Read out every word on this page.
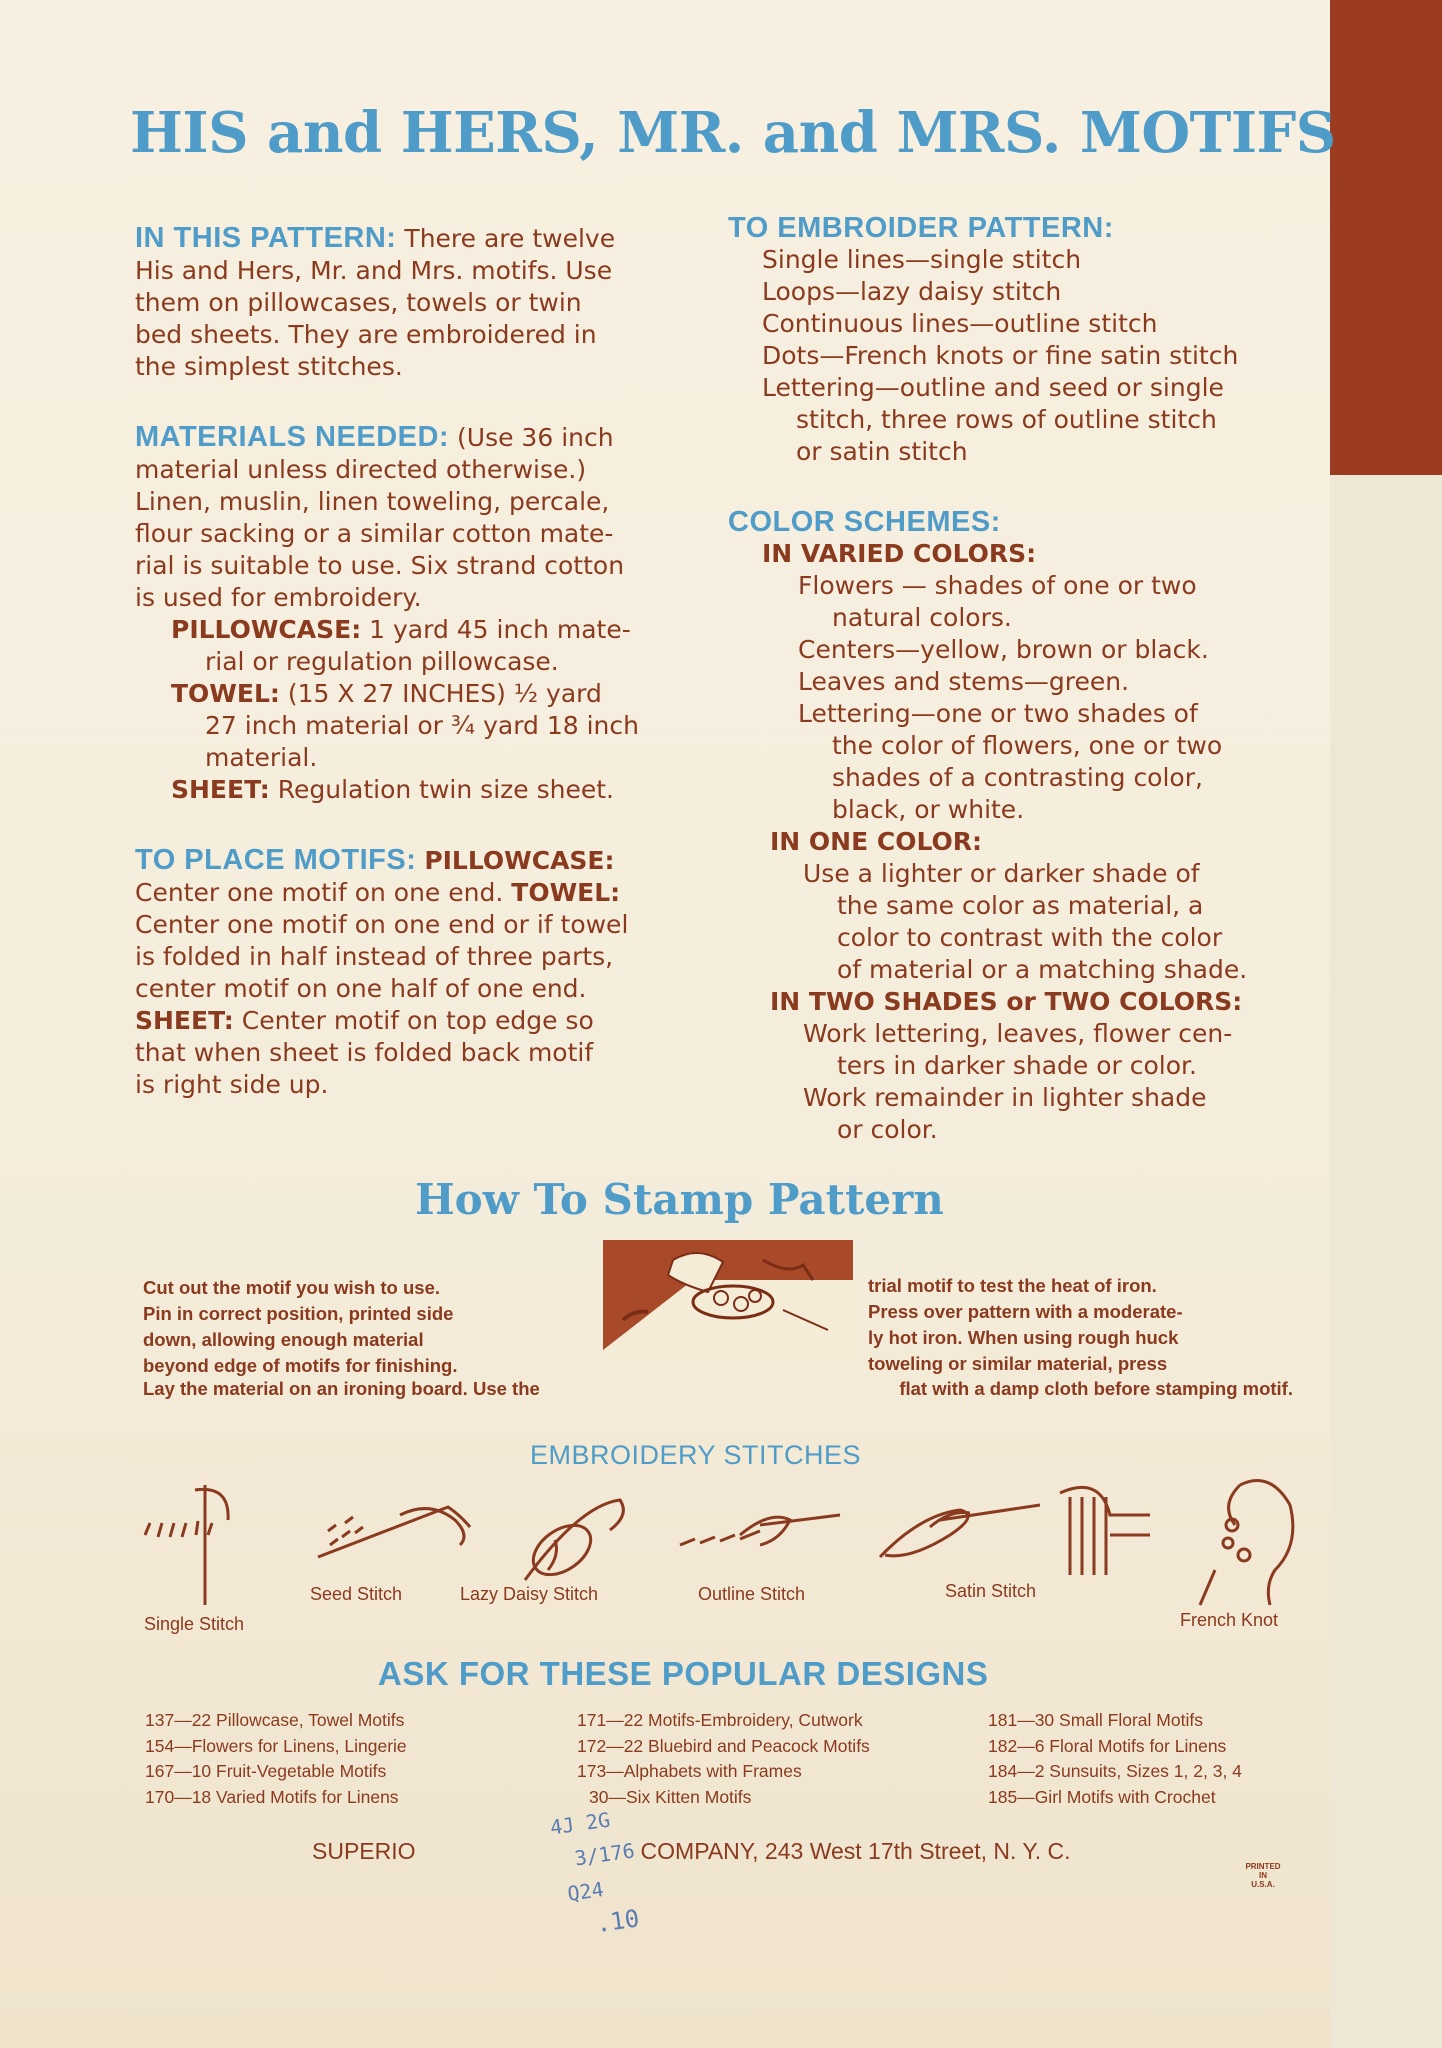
HIS and HERS, MR. and MRS. MOTIFS
IN THIS PATTERN: There are twelve
His and Hers, Mr. and Mrs. motifs. Use
them on pillowcases, towels or twin
bed sheets. They are embroidered in
the simplest stitches.
MATERIALS NEEDED: (Use 36 inch
material unless directed otherwise.)
Linen, muslin, linen toweling, percale,
flour sacking or a similar cotton mate-
rial is suitable to use. Six strand cotton
is used for embroidery.
PILLOWCASE: 1 yard 45 inch mate-
rial or regulation pillowcase.
TOWEL: (15 X 27 INCHES) ½ yard
27 inch material or ¾ yard 18 inch
material.
SHEET: Regulation twin size sheet.
TO PLACE MOTIFS: PILLOWCASE:
Center one motif on one end. TOWEL:
Center one motif on one end or if towel
is folded in half instead of three parts,
center motif on one half of one end.
SHEET: Center motif on top edge so
that when sheet is folded back motif
is right side up.
TO EMBROIDER PATTERN:
Single lines—single stitch
Loops—lazy daisy stitch
Continuous lines—outline stitch
Dots—French knots or fine satin stitch
Lettering—outline and seed or single
stitch, three rows of outline stitch
or satin stitch
COLOR SCHEMES:
IN VARIED COLORS:
Flowers — shades of one or two
natural colors.
Centers—yellow, brown or black.
Leaves and stems—green.
Lettering—one or two shades of
the color of flowers, one or two
shades of a contrasting color,
black, or white.
IN ONE COLOR:
Use a lighter or darker shade of
the same color as material, a
color to contrast with the color
of material or a matching shade.
IN TWO SHADES or TWO COLORS:
Work lettering, leaves, flower cen-
ters in darker shade or color.
Work remainder in lighter shade
or color.
How To Stamp Pattern
Cut out the motif you wish to use.
Pin in correct position, printed side
down, allowing enough material
beyond edge of motifs for finishing.
trial motif to test the heat of iron.
Press over pattern with a moderate-
ly hot iron. When using rough huck
toweling or similar material, press
Lay the material on an ironing board. Use the	flat with a damp cloth before stamping motif.
EMBROIDERY STITCHES
Single Stitch
Seed Stitch	Lazy Daisy Stitch	Outline Stitch	Satin Stitch
French Knot
ASK FOR THESE POPULAR DESIGNS
137—22 Pillowcase, Towel Motifs
154—Flowers for Linens, Lingerie
167—10 Fruit-Vegetable Motifs
170—18 Varied Motifs for Linens
171—22 Motifs-Embroidery, Cutwork
172—22 Bluebird and Peacock Motifs
173—Alphabets with Frames
30—Six Kitten Motifs
181—30 Small Floral Motifs
182—6 Floral Motifs for Linens
184—2 Sunsuits, Sizes 1, 2, 3, 4
185—Girl Motifs with Crochet
SUPERIO	COMPANY, 243 West 17th Street, N. Y. C.
PRINTED
IN
U.S.A.
4J 2G
3/176
Q24
.10
